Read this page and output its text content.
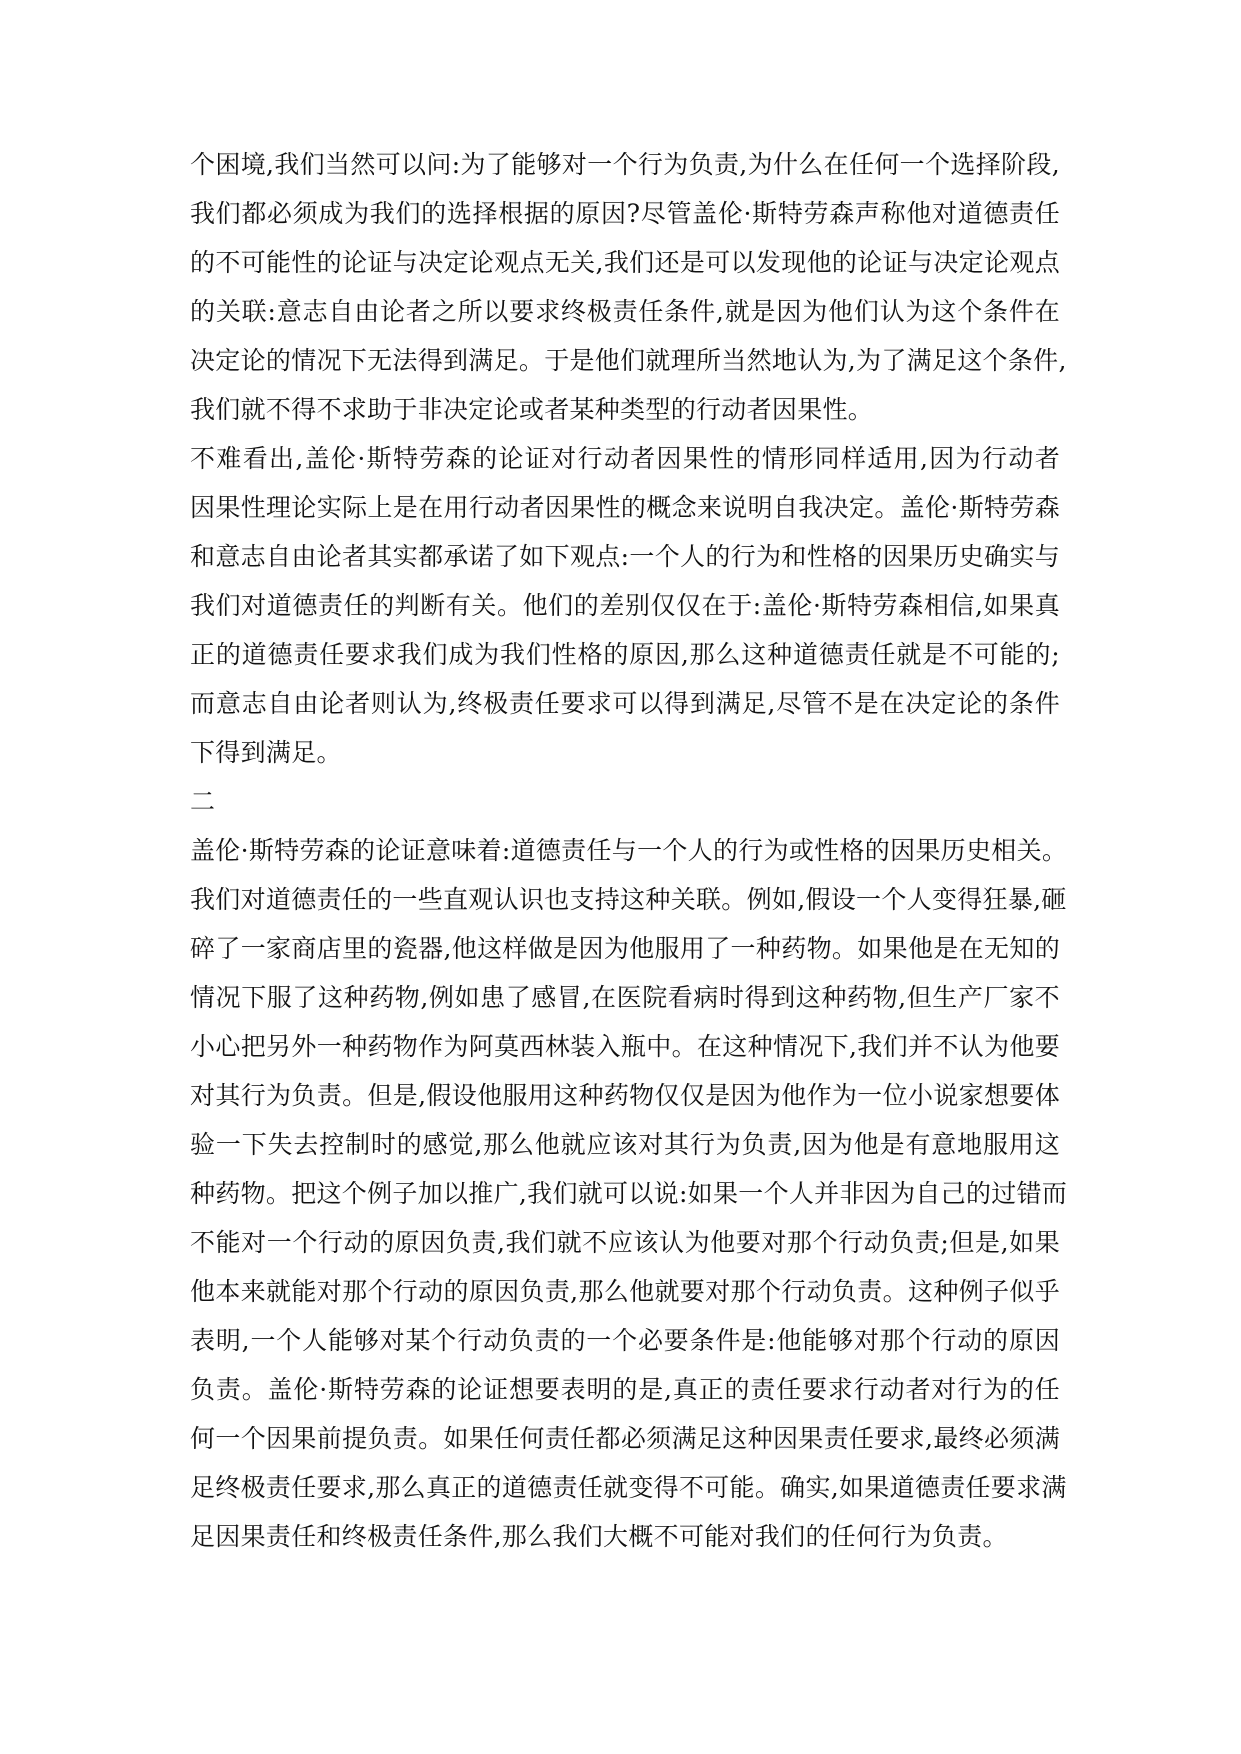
个困境,我们当然可以问:为了能够对一个行为负责,为什么在任何一个选择阶段,
我们都必须成为我们的选择根据的原因?尽管盖伦·斯特劳森声称他对道德责任
的不可能性的论证与决定论观点无关,我们还是可以发现他的论证与决定论观点
的关联:意志自由论者之所以要求终极责任条件,就是因为他们认为这个条件在
决定论的情况下无法得到满足。于是他们就理所当然地认为,为了满足这个条件,
我们就不得不求助于非决定论或者某种类型的行动者因果性。
不难看出,盖伦·斯特劳森的论证对行动者因果性的情形同样适用,因为行动者
因果性理论实际上是在用行动者因果性的概念来说明自我决定。盖伦·斯特劳森
和意志自由论者其实都承诺了如下观点:一个人的行为和性格的因果历史确实与
我们对道德责任的判断有关。他们的差别仅仅在于:盖伦·斯特劳森相信,如果真
正的道德责任要求我们成为我们性格的原因,那么这种道德责任就是不可能的;
而意志自由论者则认为,终极责任要求可以得到满足,尽管不是在决定论的条件
下得到满足。
二
盖伦·斯特劳森的论证意味着:道德责任与一个人的行为或性格的因果历史相关。
我们对道德责任的一些直观认识也支持这种关联。例如,假设一个人变得狂暴,砸
碎了一家商店里的瓷器,他这样做是因为他服用了一种药物。如果他是在无知的
情况下服了这种药物,例如患了感冒,在医院看病时得到这种药物,但生产厂家不
小心把另外一种药物作为阿莫西林装入瓶中。在这种情况下,我们并不认为他要
对其行为负责。但是,假设他服用这种药物仅仅是因为他作为一位小说家想要体
验一下失去控制时的感觉,那么他就应该对其行为负责,因为他是有意地服用这
种药物。把这个例子加以推广,我们就可以说:如果一个人并非因为自己的过错而
不能对一个行动的原因负责,我们就不应该认为他要对那个行动负责;但是,如果
他本来就能对那个行动的原因负责,那么他就要对那个行动负责。这种例子似乎
表明,一个人能够对某个行动负责的一个必要条件是:他能够对那个行动的原因
负责。盖伦·斯特劳森的论证想要表明的是,真正的责任要求行动者对行为的任
何一个因果前提负责。如果任何责任都必须满足这种因果责任要求,最终必须满
足终极责任要求,那么真正的道德责任就变得不可能。确实,如果道德责任要求满
足因果责任和终极责任条件,那么我们大概不可能对我们的任何行为负责。
